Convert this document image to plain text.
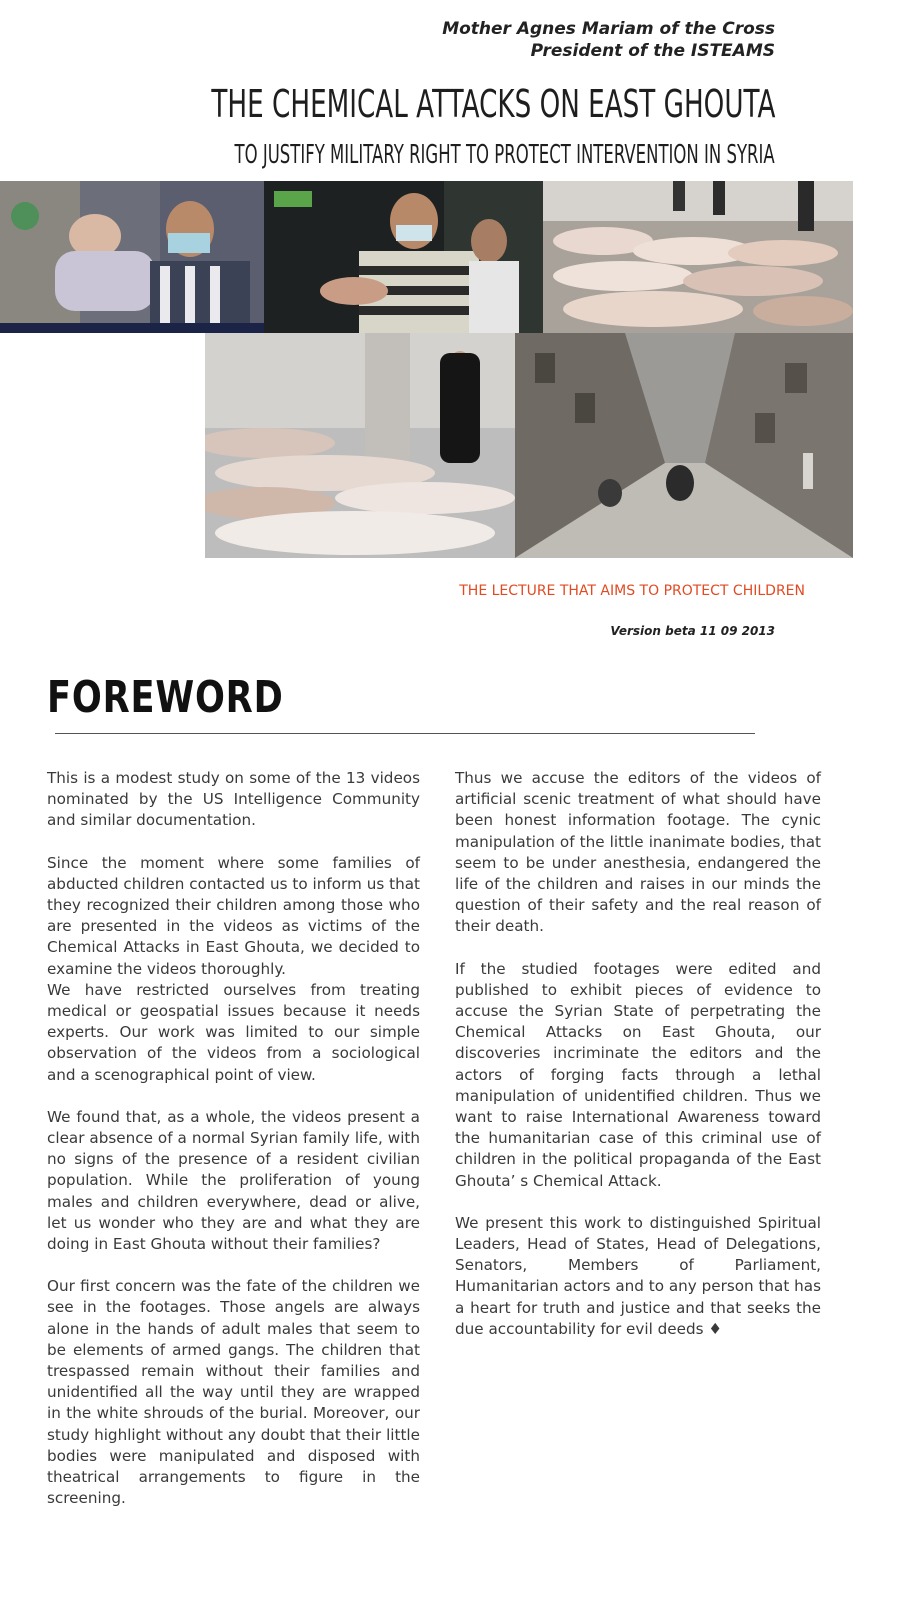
Mother Agnes Mariam of the Cross
President of the ISTEAMS
THE CHEMICAL ATTACKS ON EAST GHOUTA
TO JUSTIFY MILITARY RIGHT TO PROTECT INTERVENTION IN SYRIA
THE LECTURE THAT AIMS TO PROTECT CHILDREN
Version beta 11 09 2013
FOREWORD

This is a modest study on some of the 13 videos nominated by the US Intelligence Community and similar documentation.

Since the moment where some families of abducted children contacted us to inform us that they recognized their children among those who are presented in the videos as victims of the Chemical Attacks in East Ghouta, we decided to examine the videos thoroughly.

We have restricted ourselves from treating medical or geospatial issues because it needs experts. Our work was limited to our simple observation of the videos from a sociological and a scenographical point of view.

We found that, as a whole, the videos present a clear absence of a normal Syrian family life, with no signs of the presence of a resident civilian population. While the proliferation of young males and children everywhere, dead or alive, let us wonder who they are and what they are doing in East Ghouta without their families?

Our first concern was the fate of the children we see in the footages. Those angels are always alone in the hands of adult males that seem to be elements of armed gangs. The children that trespassed remain without their families and unidentified all the way until they are wrapped in the white shrouds of the burial. Moreover, our study highlight without any doubt that their little bodies were manipulated and disposed with theatrical arrangements to figure in the screening.

Thus we accuse the editors of the videos of artificial scenic treatment of what should have been honest information footage. The cynic manipulation of the little inanimate bodies, that seem to be under anesthesia, endangered the life of the children and raises in our minds the question of their safety and the real reason of their death.

If the studied footages were edited and published to exhibit pieces of evidence to accuse the Syrian State of perpetrating the Chemical Attacks on East Ghouta, our discoveries incriminate the editors and the actors of forging facts through a lethal manipulation of unidentified children. Thus we want to raise International Awareness toward the humanitarian case of this criminal use of children in the political propaganda of the East Ghouta’ s Chemical Attack.

We present this work to distinguished Spiritual Leaders, Head of States, Head of Delegations, Senators, Members of Parliament, Humanitarian actors and to any person that has a heart for truth and justice and that seeks the due accountability for evil deeds ♦
